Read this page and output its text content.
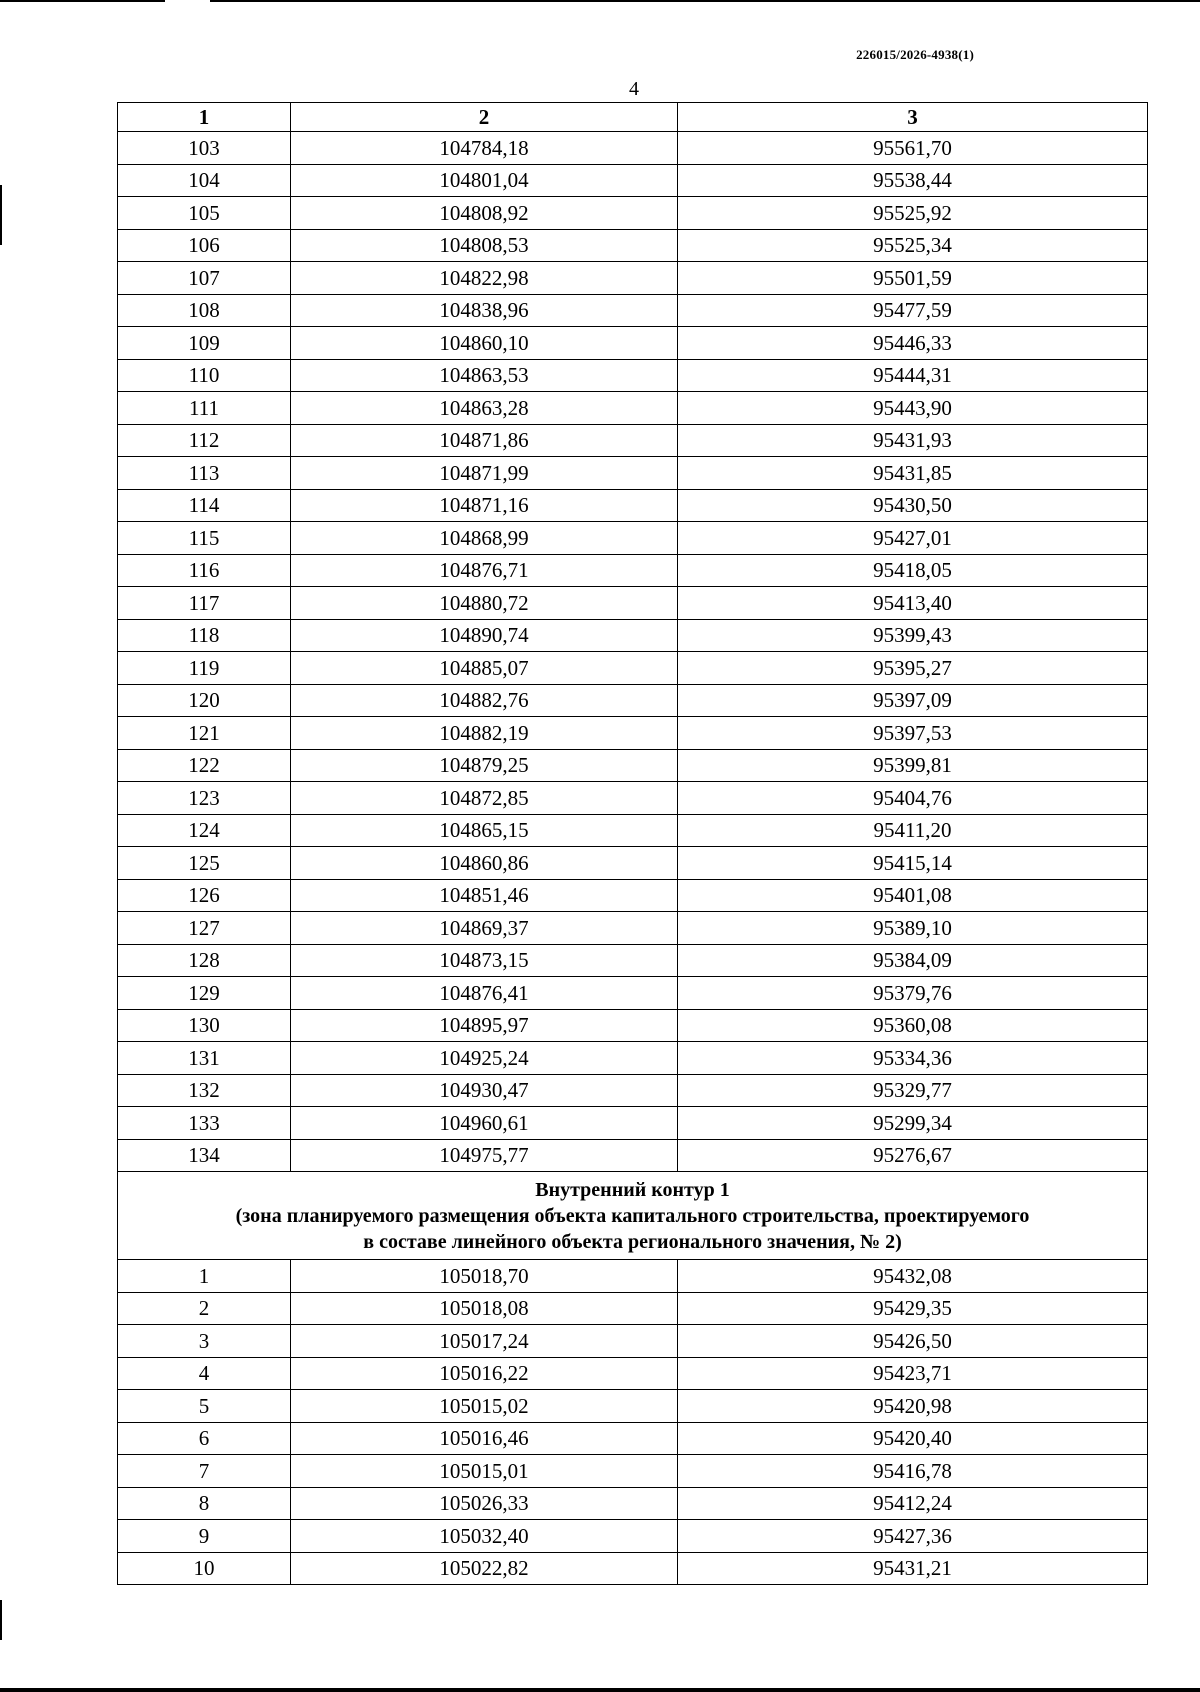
226015/2026-4938(1)
4
1	2	3
103	104784,18	95561,70
104	104801,04	95538,44
105	104808,92	95525,92
106	104808,53	95525,34
107	104822,98	95501,59
108	104838,96	95477,59
109	104860,10	95446,33
110	104863,53	95444,31
111	104863,28	95443,90
112	104871,86	95431,93
113	104871,99	95431,85
114	104871,16	95430,50
115	104868,99	95427,01
116	104876,71	95418,05
117	104880,72	95413,40
118	104890,74	95399,43
119	104885,07	95395,27
120	104882,76	95397,09
121	104882,19	95397,53
122	104879,25	95399,81
123	104872,85	95404,76
124	104865,15	95411,20
125	104860,86	95415,14
126	104851,46	95401,08
127	104869,37	95389,10
128	104873,15	95384,09
129	104876,41	95379,76
130	104895,97	95360,08
131	104925,24	95334,36
132	104930,47	95329,77
133	104960,61	95299,34
134	104975,77	95276,67

Внутренний контур 1
(зона планируемого размещения объекта капитального строительства, проектируемого
в составе линейного объекта регионального значения, № 2)		

1	105018,70	95432,08
2	105018,08	95429,35
3	105017,24	95426,50
4	105016,22	95423,71
5	105015,02	95420,98
6	105016,46	95420,40
7	105015,01	95416,78
8	105026,33	95412,24
9	105032,40	95427,36
10	105022,82	95431,21
